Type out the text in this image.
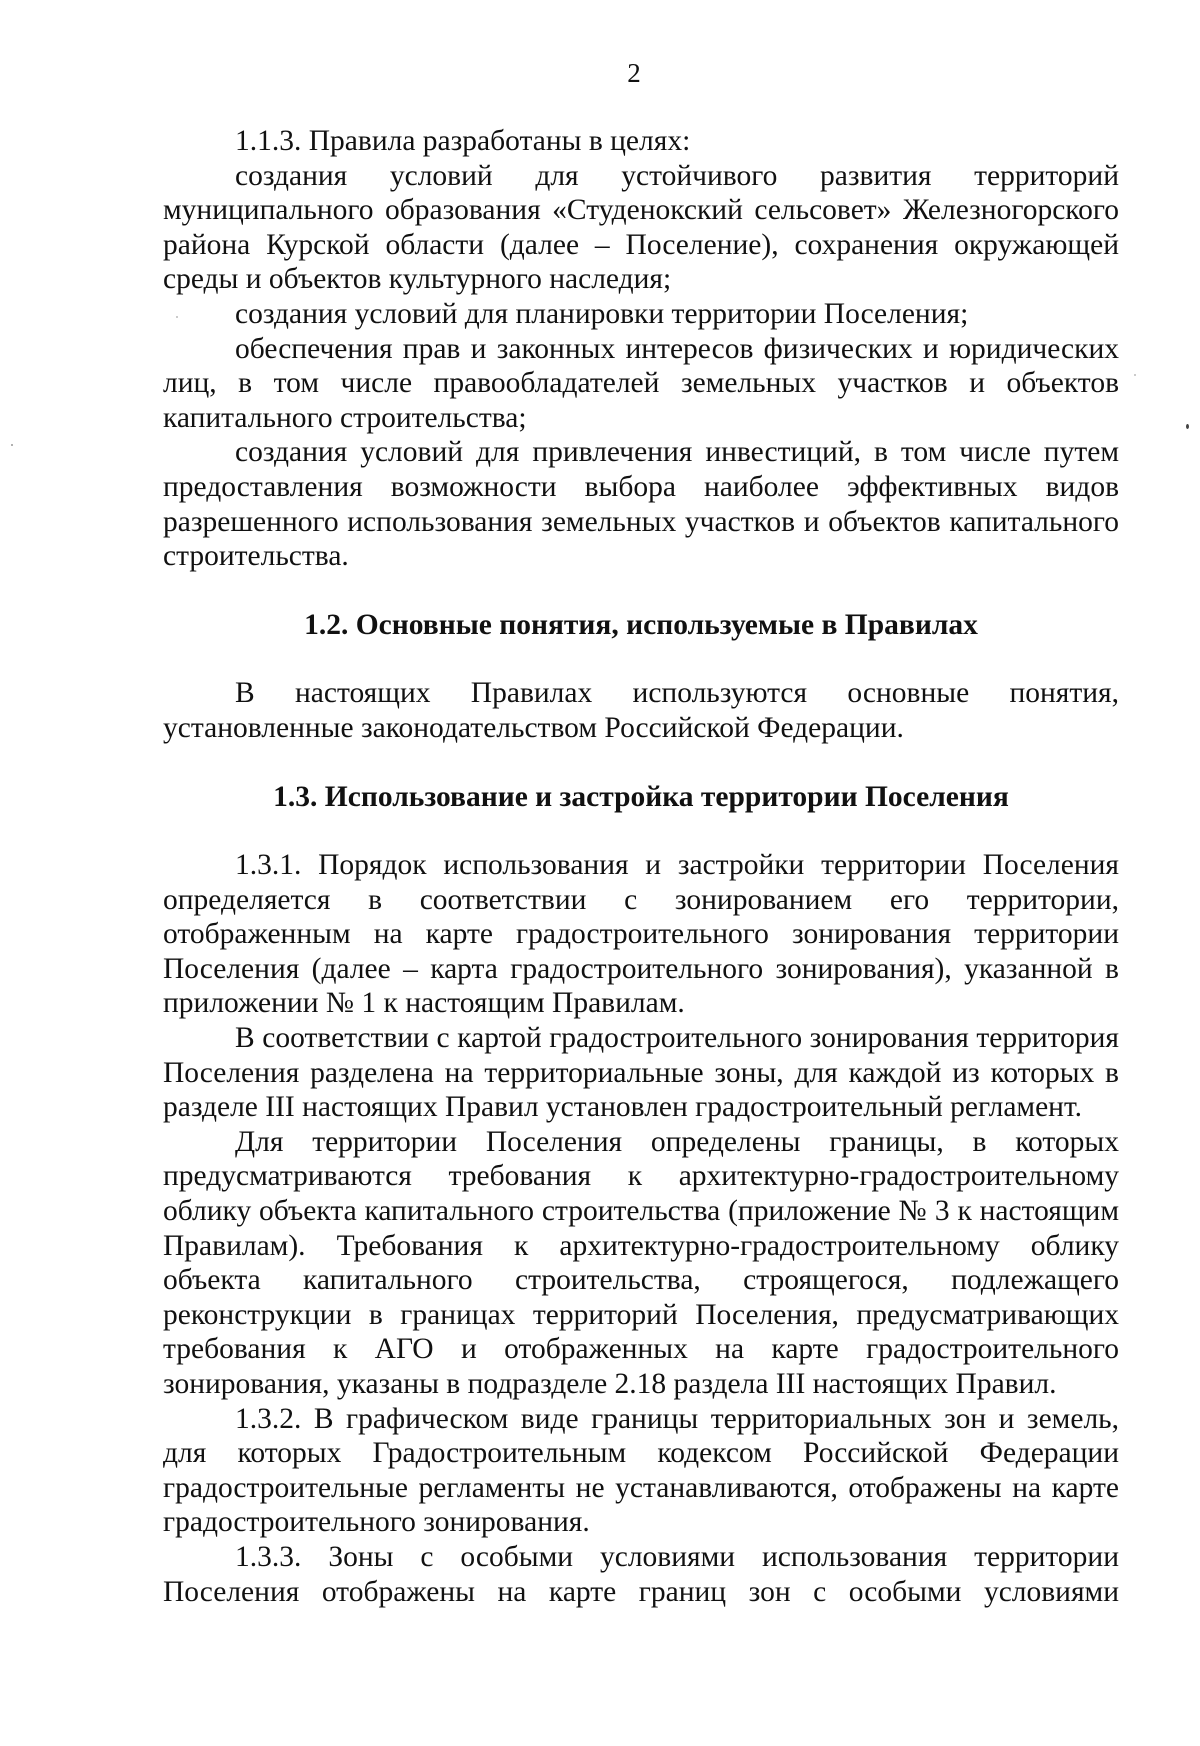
2

1.1.3. Правила разработаны в целях:

создания условий для устойчивого развития территорий муниципального образования «Студенокский сельсовет» Железногорского района Курской области (далее – Поселение), сохранения окружающей среды и объектов культурного наследия;

создания условий для планировки территории Поселения;

обеспечения прав и законных интересов физических и юридических лиц, в том числе правообладателей земельных участков и объектов капитального строительства;

создания условий для привлечения инвестиций, в том числе путем предоставления возможности выбора наиболее эффективных видов разрешенного использования земельных участков и объектов капитального строительства.

1.2. Основные понятия, используемые в Правилах

В настоящих Правилах используются основные понятия, установленные законодательством Российской Федерации.

1.3. Использование и застройка территории Поселения

1.3.1. Порядок использования и застройки территории Поселения определяется в соответствии с зонированием его территории, отображенным на карте градостроительного зонирования территории Поселения (далее – карта градостроительного зонирования), указанной в приложении № 1 к настоящим Правилам.

В соответствии с картой градостроительного зонирования территория Поселения разделена на территориальные зоны, для каждой из которых в разделе III настоящих Правил установлен градостроительный регламент.

Для территории Поселения определены границы, в которых предусматриваются требования к архитектурно-градостроительному облику объекта капитального строительства (приложение № 3 к настоящим Правилам). Требования к архитектурно-градостроительному облику объекта капитального строительства, строящегося, подлежащего реконструкции в границах территорий Поселения, предусматривающих требования к АГО и отображенных на карте градостроительного зонирования, указаны в подразделе 2.18 раздела III настоящих Правил.

1.3.2. В графическом виде границы территориальных зон и земель, для которых Градостроительным кодексом Российской Федерации градостроительные регламенты не устанавливаются, отображены на карте градостроительного зонирования.

1.3.3. Зоны с особыми условиями использования территории Поселения отображены на карте границ зон с особыми условиями
